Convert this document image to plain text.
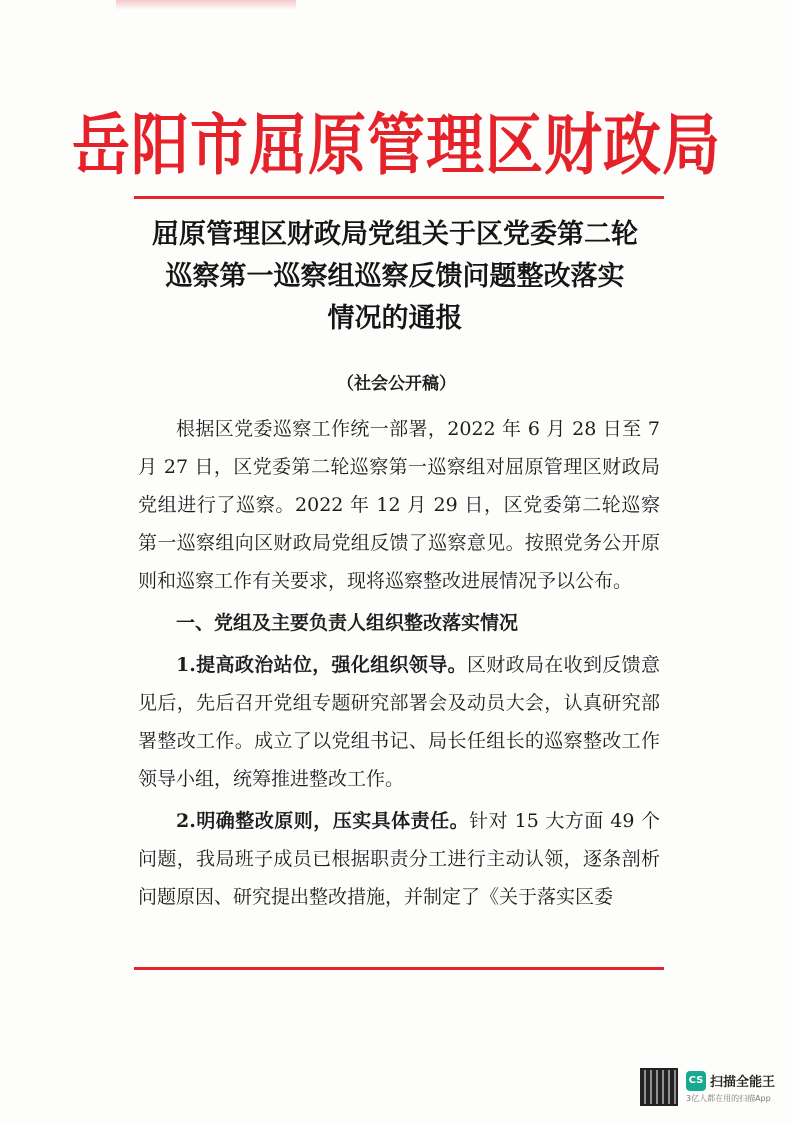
岳阳市屈原管理区财政局
屈原管理区财政局党组关于区党委第二轮
巡察第一巡察组巡察反馈问题整改落实
情况的通报
（社会公开稿）

根据区党委巡察工作统一部署，2022 年 6 月 28 日至 7 月 27 日，区党委第二轮巡察第一巡察组对屈原管理区财政局党组进行了巡察。2022 年 12 月 29 日，区党委第二轮巡察第一巡察组向区财政局党组反馈了巡察意见。按照党务公开原则和巡察工作有关要求，现将巡察整改进展情况予以公布。

一、党组及主要负责人组织整改落实情况

1.提高政治站位，强化组织领导。区财政局在收到反馈意见后，先后召开党组专题研究部署会及动员大会，认真研究部署整改工作。成立了以党组书记、局长任组长的巡察整改工作领导小组，统筹推进整改工作。

2.明确整改原则，压实具体责任。针对 15 大方面 49 个问题，我局班子成员已根据职责分工进行主动认领，逐条剖析问题原因、研究提出整改措施，并制定了《关于落实区委

CS 扫描全能王
3亿人都在用的扫描App
